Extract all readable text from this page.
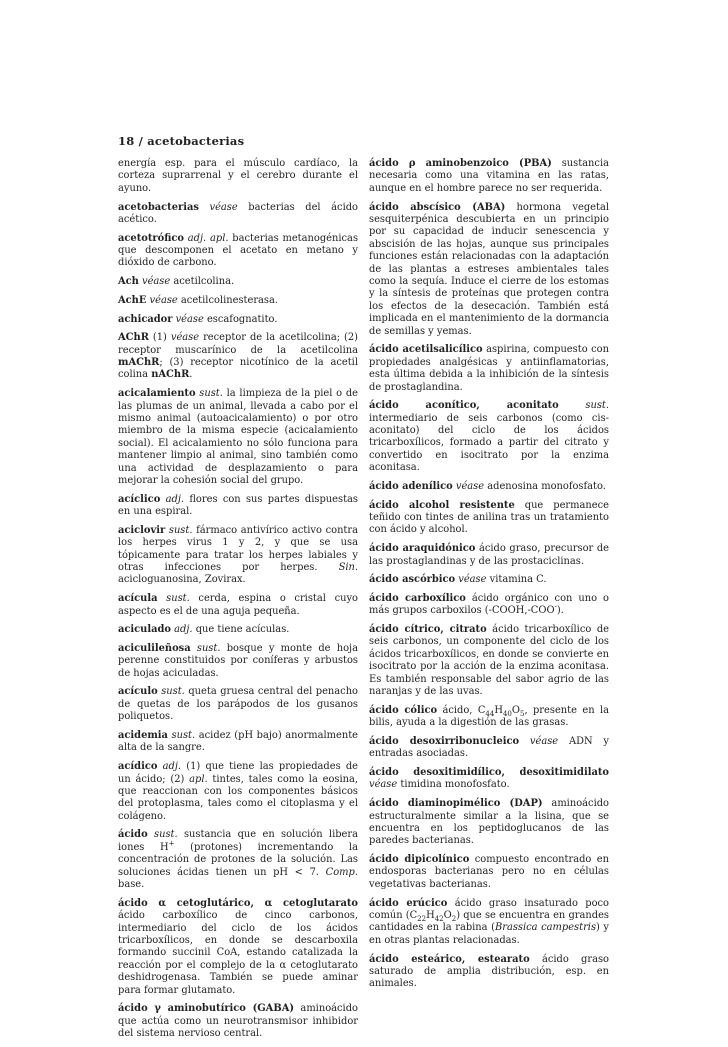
18 / acetobacterias

energía esp. para el músculo cardíaco, la corteza suprarrenal y el cerebro durante el ayuno.

acetobacterias véase bacterias del ácido acético.

acetotrófico adj. apl. bacterias metanogénicas que descomponen el acetato en metano y dióxido de carbono.

Ach véase acetilcolina.

AchE véase acetilcolinesterasa.

achicador véase escafognatito.

AChR (1) véase receptor de la acetilcolina; (2) receptor muscarínico de la acetilcolina mAChR; (3) receptor nicotínico de la acetil colina nAChR.

acicalamiento sust. la limpieza de la piel o de las plumas de un animal, llevada a cabo por el mismo animal (autoacicalamiento) o por otro miembro de la misma especie (acicalamiento social). El acicalamiento no sólo funciona para mantener limpio al animal, sino también como una actividad de desplazamiento o para mejorar la cohesión social del grupo.

acíclico adj. flores con sus partes dispuestas en una espiral.

aciclovir sust. fármaco antivírico activo contra los herpes virus 1 y 2, y que se usa tópicamente para tratar los herpes labiales y otras infecciones por herpes. Sin. acicloguanosina, Zovirax.

acícula sust. cerda, espina o cristal cuyo aspecto es el de una aguja pequeña.

aciculado adj. que tiene acículas.

aciculileñosa sust. bosque y monte de hoja perenne constituidos por coníferas y arbustos de hojas aciculadas.

acículo sust. queta gruesa central del penacho de quetas de los parápodos de los gusanos poliquetos.

acidemia sust. acidez (pH bajo) anormalmente alta de la sangre.

acídico adj. (1) que tiene las propiedades de un ácido; (2) apl. tintes, tales como la eosina, que reaccionan con los componentes básicos del protoplasma, tales como el citoplasma y el colágeno.

ácido sust. sustancia que en solución libera iones H+ (protones) incrementando la concentración de protones de la solución. Las soluciones ácidas tienen un pH < 7. Comp. base.

ácido α cetoglutárico, α cetoglutarato ácido carboxílico de cinco carbonos, intermediario del ciclo de los ácidos tricarboxílicos, en donde se descarboxila formando succinil CoA, estando catalizada la reacción por el complejo de la α cetoglutarato deshidrogenasa. También se puede aminar para formar glutamato.

ácido γ aminobutírico (GABA) aminoácido que actúa como un neurotransmisor inhibidor del sistema nervioso central.

ácido ρ aminobenzoico (PBA) sustancia necesaria como una vitamina en las ratas, aunque en el hombre parece no ser requerida.

ácido abscísico (ABA) hormona vegetal sesquiterpénica descubierta en un principio por su capacidad de inducir senescencia y abscisión de las hojas, aunque sus principales funciones están relacionadas con la adaptación de las plantas a estreses ambientales tales como la sequía. Induce el cierre de los estomas y la síntesis de proteínas que protegen contra los efectos de la desecación. También está implicada en el mantenimiento de la dormancia de semillas y yemas.

ácido acetilsalicílico aspirina, compuesto con propiedades analgésicas y antiinflamatorias, esta última debida a la inhibición de la síntesis de prostaglandina.

ácido aconítico, aconitato	sust. intermediario de seis carbonos (como cis-aconitato) del ciclo de los ácidos tricarboxílicos, formado a partir del citrato y convertido en isocitrato por la enzima aconitasa.

ácido adenílico véase adenosina monofosfato.

ácido alcohol resistente que permanece teñido con tintes de anilina tras un tratamiento con ácido y alcohol.

ácido araquidónico ácido graso, precursor de las prostaglandinas y de las prostaciclinas.

ácido ascórbico véase vitamina C.

ácido carboxílico ácido orgánico con uno o más grupos carboxilos (-COOH,-COO-).

ácido cítrico, citrato ácido tricarboxílico de seis carbonos, un componente del ciclo de los ácidos tricarboxílicos, en donde se convierte en isocitrato por la acción de la enzima aconitasa. Es también responsable del sabor agrio de las naranjas y de las uvas.

ácido cólico ácido, $C_{44}H_{40}O_5$, presente en la bilis, ayuda a la digestión de las grasas.

ácido desoxirribonucleico véase ADN y entradas asociadas.

ácido desoxitimidílico, desoxitimidilato véase timidina monofosfato.

ácido diaminopimélico (DAP) aminoácido estructuralmente similar a la lisina, que se encuentra en los peptidoglucanos de las paredes bacterianas.

ácido dipicolínico compuesto encontrado en endosporas bacterianas pero no en células vegetativas bacterianas.

ácido erúcico ácido graso insaturado poco común $(C_{22}H_{42}O_2)$ que se encuentra en grandes cantidades en la rabina (Brassica campestris) y en otras plantas relacionadas.

ácido esteárico, estearato ácido graso saturado de amplia distribución, esp. en animales.
